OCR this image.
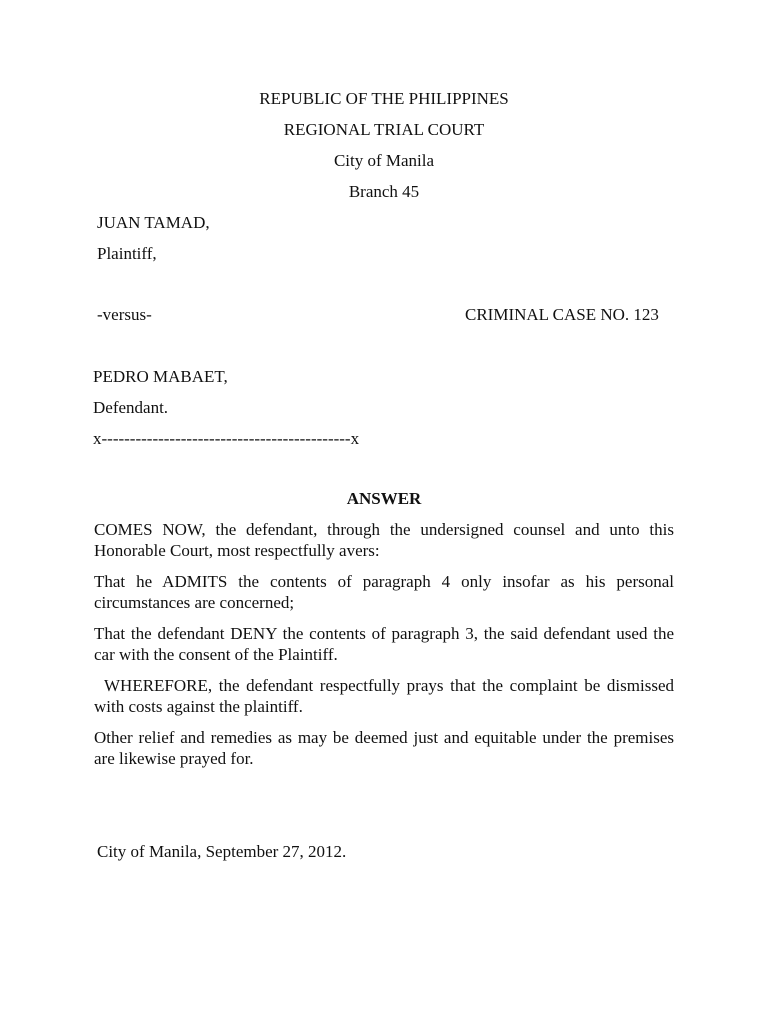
REPUBLIC OF THE PHILIPPINES

REGIONAL TRIAL COURT

City of Manila

Branch 45

JUAN TAMAD,

Plaintiff,

-versus-	CRIMINAL CASE NO. 123

PEDRO MABAET,

Defendant.

x--------------------------------------------x

ANSWER

COMES NOW, the defendant, through the undersigned counsel and unto this Honorable Court, most respectfully avers:

That he ADMITS the contents of paragraph 4 only insofar as his personal circumstances are concerned;

That the defendant DENY the contents of paragraph 3, the said defendant used the car with the consent of the Plaintiff.

WHEREFORE, the defendant respectfully prays that the complaint be dismissed with costs against the plaintiff.

Other relief and remedies as may be deemed just and equitable under the premises are likewise prayed for.

City of Manila, September 27, 2012.
